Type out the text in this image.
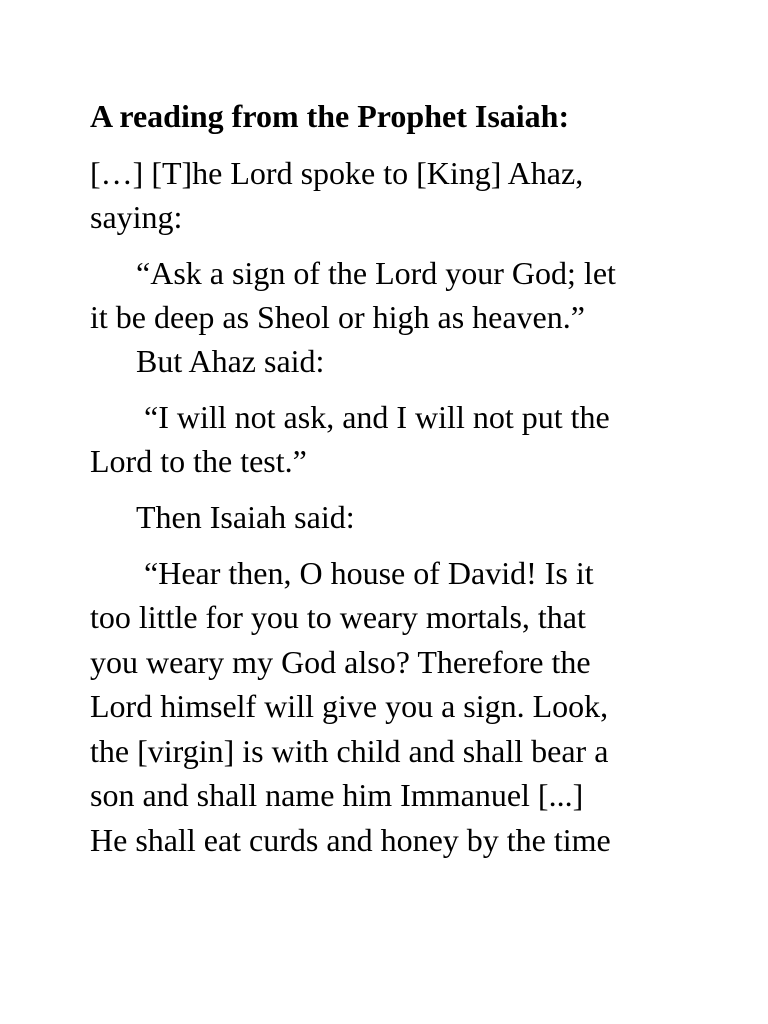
A reading from the Prophet Isaiah:

[…] [T]he Lord spoke to [King] Ahaz,

saying:

“Ask a sign of the Lord your God; let

it be deep as Sheol or high as heaven.”

But Ahaz said:

“I will not ask, and I will not put the

Lord to the test.”

Then Isaiah said:

“Hear then, O house of David! Is it

too little for you to weary mortals, that

you weary my God also? Therefore the

Lord himself will give you a sign. Look,

the [virgin] is with child and shall bear a

son and shall name him Immanuel [...]

He shall eat curds and honey by the time
